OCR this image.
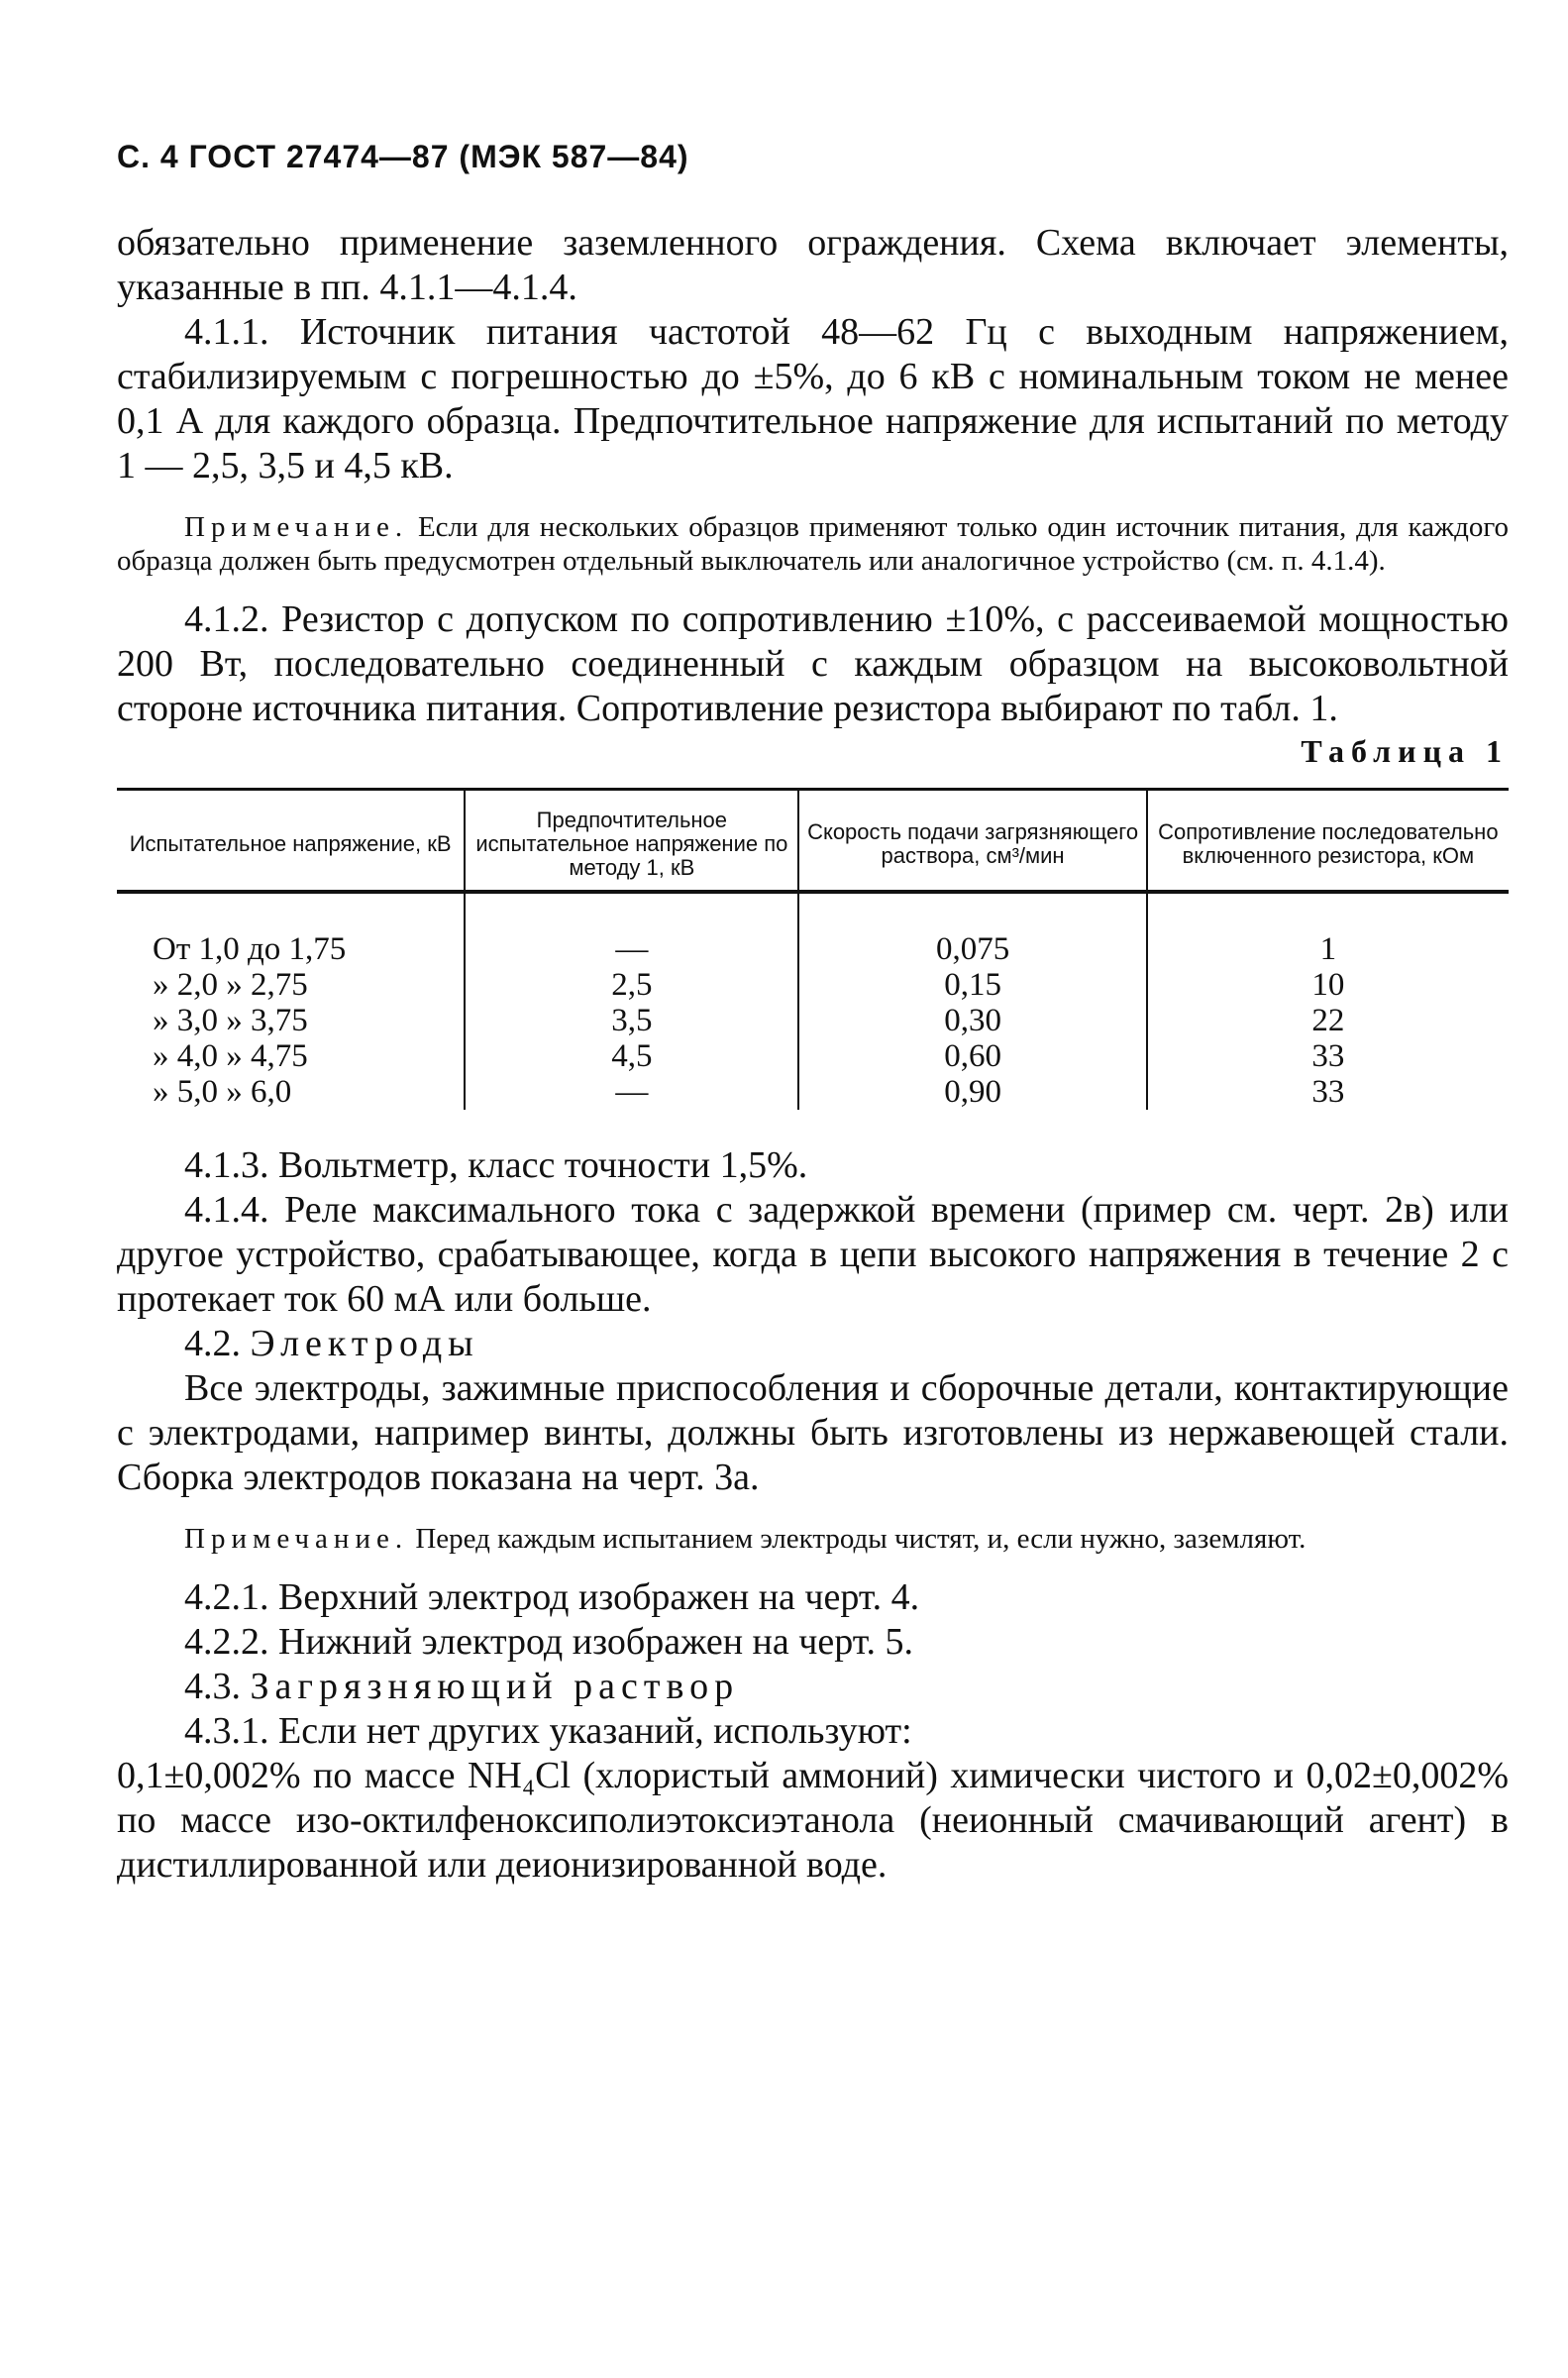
С. 4 ГОСТ 27474—87 (МЭК 587—84)

обязательно применение заземленного ограждения. Схема включает элементы, указанные в пп. 4.1.1—4.1.4.

4.1.1. Источник питания частотой 48—62 Гц с выходным напряжением, стабилизируемым с погрешностью до ±5%, до 6 кВ с номинальным током не менее 0,1 А для каждого образца. Предпочтительное напряжение для испытаний по методу 1 — 2,5, 3,5 и 4,5 кВ.

Примечание. Если для нескольких образцов применяют только один источник питания, для каждого образца должен быть предусмотрен отдельный выключатель или аналогичное устройство (см. п. 4.1.4).

4.1.2. Резистор с допуском по сопротивлению ±10%, с рассеиваемой мощностью 200 Вт, последовательно соединенный с каждым образцом на высоковольтной стороне источника питания. Сопротивление резистора выбирают по табл. 1.

Таблица 1
Испытательное напряжение, кВ	Предпочтительное испытательное напряжение по методу 1, кВ	Скорость подачи загрязняющего раствора, см³/мин	Сопротивление последовательно включенного резистора, кОм
От 1,0 до 1,75	—	0,075	1
» 2,0 » 2,75	2,5	0,15	10
» 3,0 » 3,75	3,5	0,30	22
» 4,0 » 4,75	4,5	0,60	33
» 5,0 » 6,0	—	0,90	33

4.1.3. Вольтметр, класс точности 1,5%.

4.1.4. Реле максимального тока с задержкой времени (пример см. черт. 2в) или другое устройство, срабатывающее, когда в цепи высокого напряжения в течение 2 с протекает ток 60 мА или больше.

4.2. Электроды

Все электроды, зажимные приспособления и сборочные детали, контактирующие с электродами, например винты, должны быть изготовлены из нержавеющей стали. Сборка электродов показана на черт. 3а.

Примечание. Перед каждым испытанием электроды чистят, и, если нужно, заземляют.

4.2.1. Верхний электрод изображен на черт. 4.

4.2.2. Нижний электрод изображен на черт. 5.

4.3. Загрязняющий раствор

4.3.1. Если нет других указаний, используют:

0,1±0,002% по массе NH₄Cl (хлористый аммоний) химически чистого и 0,02±0,002% по массе изо-октилфеноксиполиэтоксиэтанола (неионный смачивающий агент) в дистиллированной или деионизированной воде.
